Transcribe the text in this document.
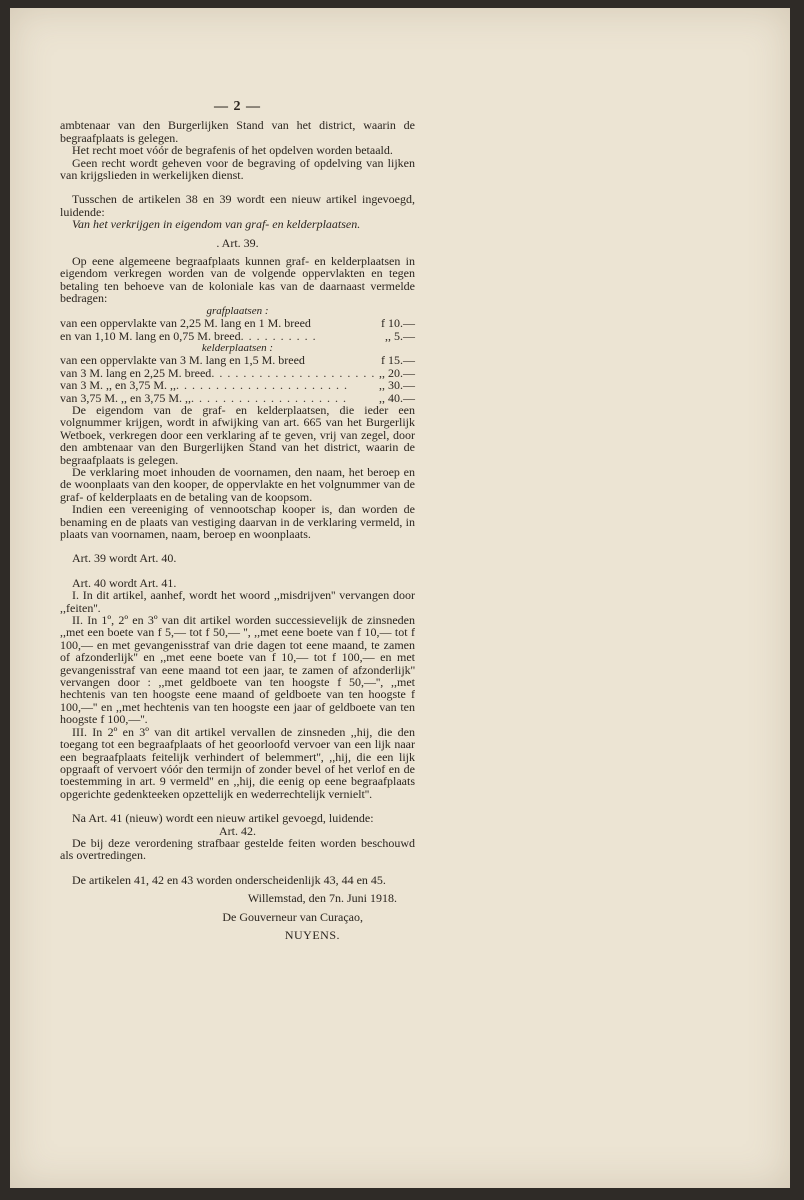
— 2 —

ambtenaar van den Burgerlijken Stand van het district, waarin de begraafplaats is gelegen.

Het recht moet vóór de begrafenis of het opdelven worden betaald.

Geen recht wordt geheven voor de begraving of opdelving van lijken van krijgslieden in werkelijken dienst.

Tusschen de artikelen 38 en 39 wordt een nieuw artikel ingevoegd, luidende:

Van het verkrijgen in eigendom van graf- en kelderplaatsen.

. Art. 39.

Op eene algemeene begraafplaats kunnen graf- en kelderplaatsen in eigendom verkregen worden van de volgende oppervlakten en tegen betaling ten behoeve van de koloniale kas van de daarnaast vermelde bedragen:

grafplaatsen :

van een oppervlakte van 2,25 M. lang en 1 M. breed	f 10.—
en van 1,10 M. lang en 0,75 M. breed . . . . . . . . . .	,, 5.—

kelderplaatsen :

van een oppervlakte van 3 M. lang en 1,5 M. breed	f 15.—
van 3 M. lang en 2,25 M. breed . . . . . . . . . . . . . . . . . . . . . ,, 20.—
van 3 M. ,, en 3,75 M. ,, . . . . . . . . . . . . . . . . . . . . . .	,, 30.—
van 3,75 M. ,, en 3,75 M. ,, . . . . . . . . . . . . . . . . . . . .	,, 40.—

De eigendom van de graf- en kelderplaatsen, die ieder een volgnummer krijgen, wordt in afwijking van art. 665 van het Burgerlijk Wetboek, verkregen door een verklaring af te geven, vrij van zegel, door den ambtenaar van den Burgerlijken Stand van het district, waarin de begraafplaats is gelegen.

De verklaring moet inhouden de voornamen, den naam, het beroep en de woonplaats van den kooper, de oppervlakte en het volgnummer van de graf- of kelderplaats en de betaling van de koopsom.

Indien een vereeniging of vennootschap kooper is, dan worden de benaming en de plaats van vestiging daarvan in de verklaring vermeld, in plaats van voornamen, naam, beroep en woonplaats.

Art. 39 wordt Art. 40.

Art. 40 wordt Art. 41.

I. In dit artikel, aanhef, wordt het woord ,,misdrijven'' vervangen door ,,feiten''.

II. In 1º, 2º en 3º van dit artikel worden successievelijk de zinsneden ,,met een boete van f 5,— tot f 50,— '', ,,met eene boete van f 10,— tot f 100,— en met gevangenisstraf van drie dagen tot eene maand, te zamen of afzonderlijk'' en ,,met eene boete van f 10,— tot f 100,— en met gevangenisstraf van eene maand tot een jaar, te zamen of afzonderlijk'' vervangen door : ,,met geldboete van ten hoogste f 50,—'', ,,met hechtenis van ten hoogste eene maand of geldboete van ten hoogste f 100,—'' en ,,met hechtenis van ten hoogste een jaar of geldboete van ten hoogste f 100,—''.

III. In 2º en 3º van dit artikel vervallen de zinsneden ,,hij, die den toegang tot een begraafplaats of het geoorloofd vervoer van een lijk naar een begraafplaats feitelijk verhindert of belemmert'', ,,hij, die een lijk opgraaft of vervoert vóór den termijn of zonder bevel of het verlof en de toestemming in art. 9 vermeld'' en ,,hij, die eenig op eene begraafplaats opgerichte gedenkteeken opzettelijk en wederrechtelijk vernielt''.

Na Art. 41 (nieuw) wordt een nieuw artikel gevoegd, luidende:

Art. 42.

De bij deze verordening strafbaar gestelde feiten worden beschouwd als overtredingen.

De artikelen 41, 42 en 43 worden onderscheidenlijk 43, 44 en 45.

Willemstad, den 7n. Juni 1918.

De Gouverneur van Curaçao,

NUYENS.
